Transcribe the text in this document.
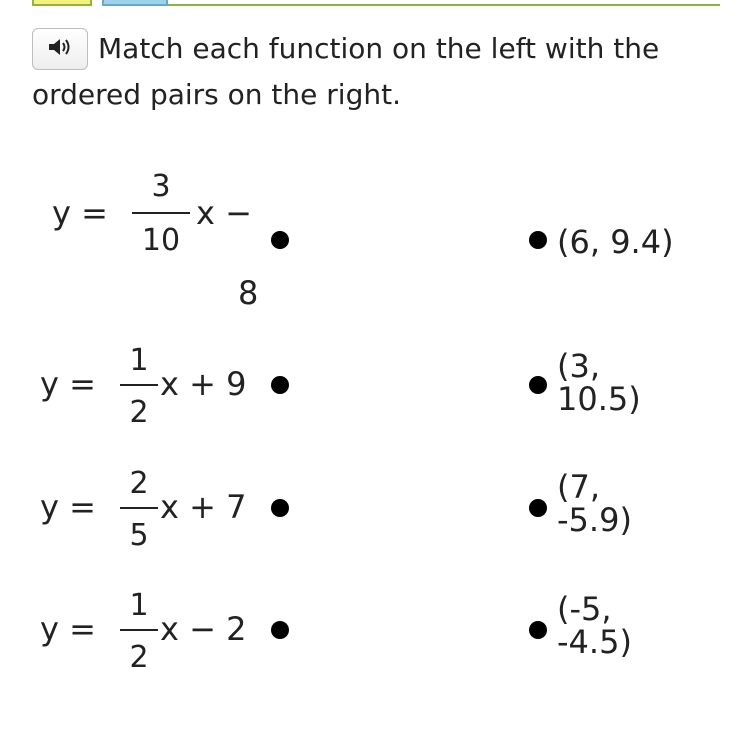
Match each function on the left with the ordered pairs on the right.

y =
3
10
x −
8
y =
1
2
x + 9
y =
2
5
x + 7
y =
1
2
x − 2
(6, 9.4)
(3,
10.5)
(7,
-5.9)
(-5,
-4.5)
